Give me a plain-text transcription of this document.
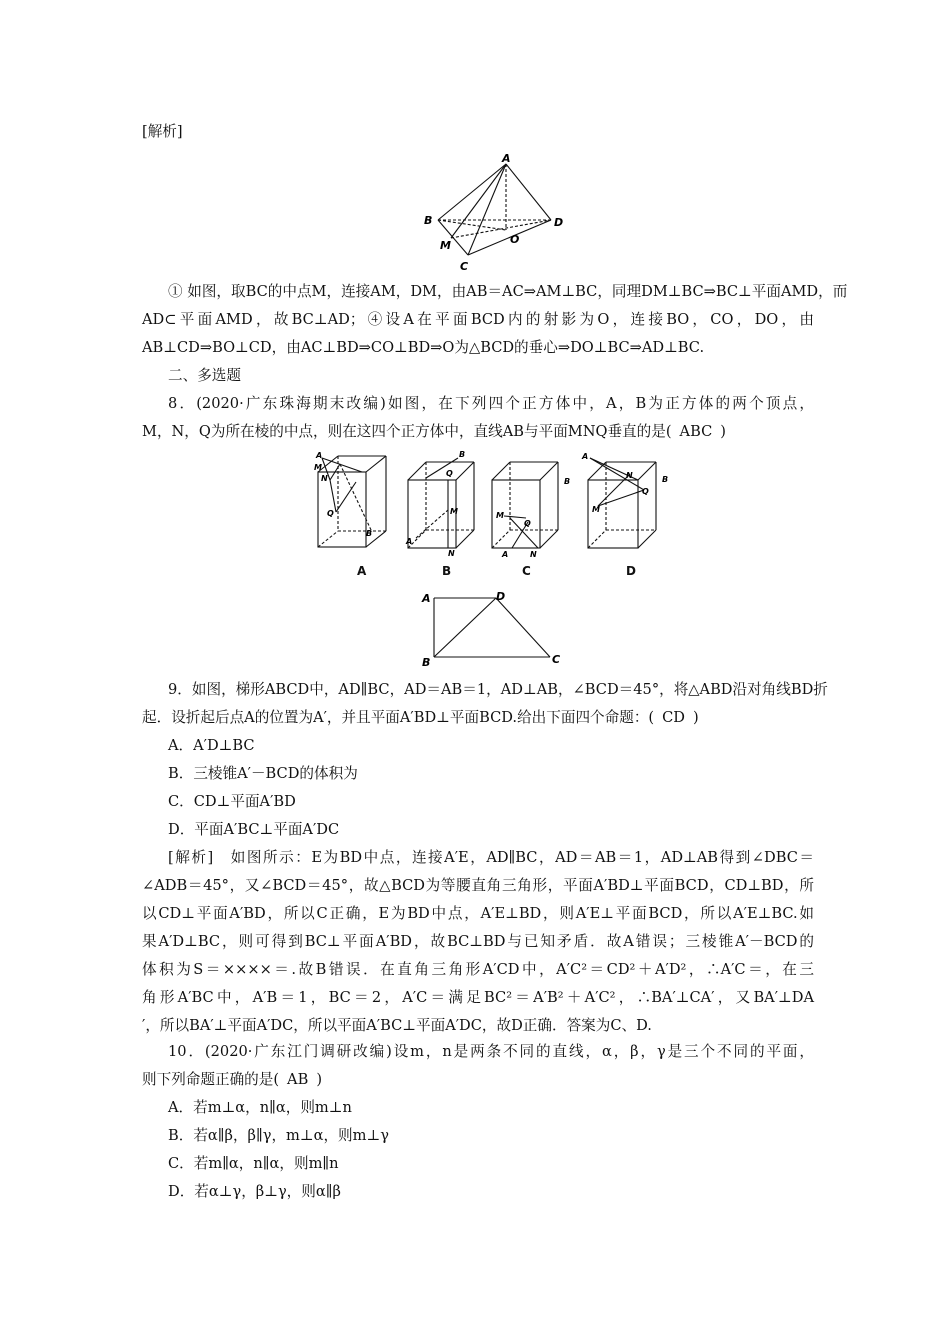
[解析]
A
B	D
M	O
C
① 如图，取BC的中点M，连接AM，DM，由AB＝AC⇒AM⊥BC，同理DM⊥BC⇒BC⊥平面AMD，而
AD⊂平面AMD，故BC⊥AD；④设A在平面BCD内的射影为O，连接BO，CO，DO，由
AB⊥CD⇒BO⊥CD，由AC⊥BD⇒CO⊥BD⇒O为△BCD的垂心⇒DO⊥BC⇒AD⊥BC.
二、多选题
8．(2020·广东珠海期末改编)如图，在下列四个正方体中，A，B为正方体的两个顶点，
M，N，Q为所在棱的中点，则在这四个正方体中，直线AB与平面MNQ垂直的是( ABC )
M
N
Q
B
A	B
Q
M
N
A
B
M
A	N
Q
A
N	B
Q
M
A	B	C	D
A	D
B	C
9．如图，梯形ABCD中，AD∥BC，AD＝AB＝1，AD⊥AB，∠BCD＝45°，将△ABD沿对角线BD折
起．设折起后点A的位置为A′，并且平面A′BD⊥平面BCD.给出下面四个命题：( CD )
A．A′D⊥BC
B．三棱锥A′－BCD的体积为
C．CD⊥平面A′BD
D．平面A′BC⊥平面A′DC
[解析]　如图所示：E为BD中点，连接A′E，AD∥BC，AD＝AB＝1，AD⊥AB得到∠DBC＝
∠ADB＝45°，又∠BCD＝45°，故△BCD为等腰直角三角形，平面A′BD⊥平面BCD，CD⊥BD，所
以CD⊥平面A′BD，所以C正确，E为BD中点，A′E⊥BD，则A′E⊥平面BCD，所以A′E⊥BC.如
果A′D⊥BC，则可得到BC⊥平面A′BD，故BC⊥BD与已知矛盾．故A错误；三棱锥A′－BCD的
体积为S＝××××＝.故B错误．在直角三角形A′CD中，A′C²＝CD²＋A′D²，∴A′C＝，在三
角形A′BC中，A′B＝1，BC＝2，A′C＝满足BC²＝A′B²＋A′C²，∴BA′⊥CA′，又BA′⊥DA
′，所以BA′⊥平面A′DC，所以平面A′BC⊥平面A′DC，故D正确．答案为C、D.
10．(2020·广东江门调研改编)设m，n是两条不同的直线，α，β，γ是三个不同的平面，
则下列命题正确的是( AB )
A．若m⊥α，n∥α，则m⊥n
B．若α∥β，β∥γ，m⊥α，则m⊥γ
C．若m∥α，n∥α，则m∥n
D．若α⊥γ，β⊥γ，则α∥β
